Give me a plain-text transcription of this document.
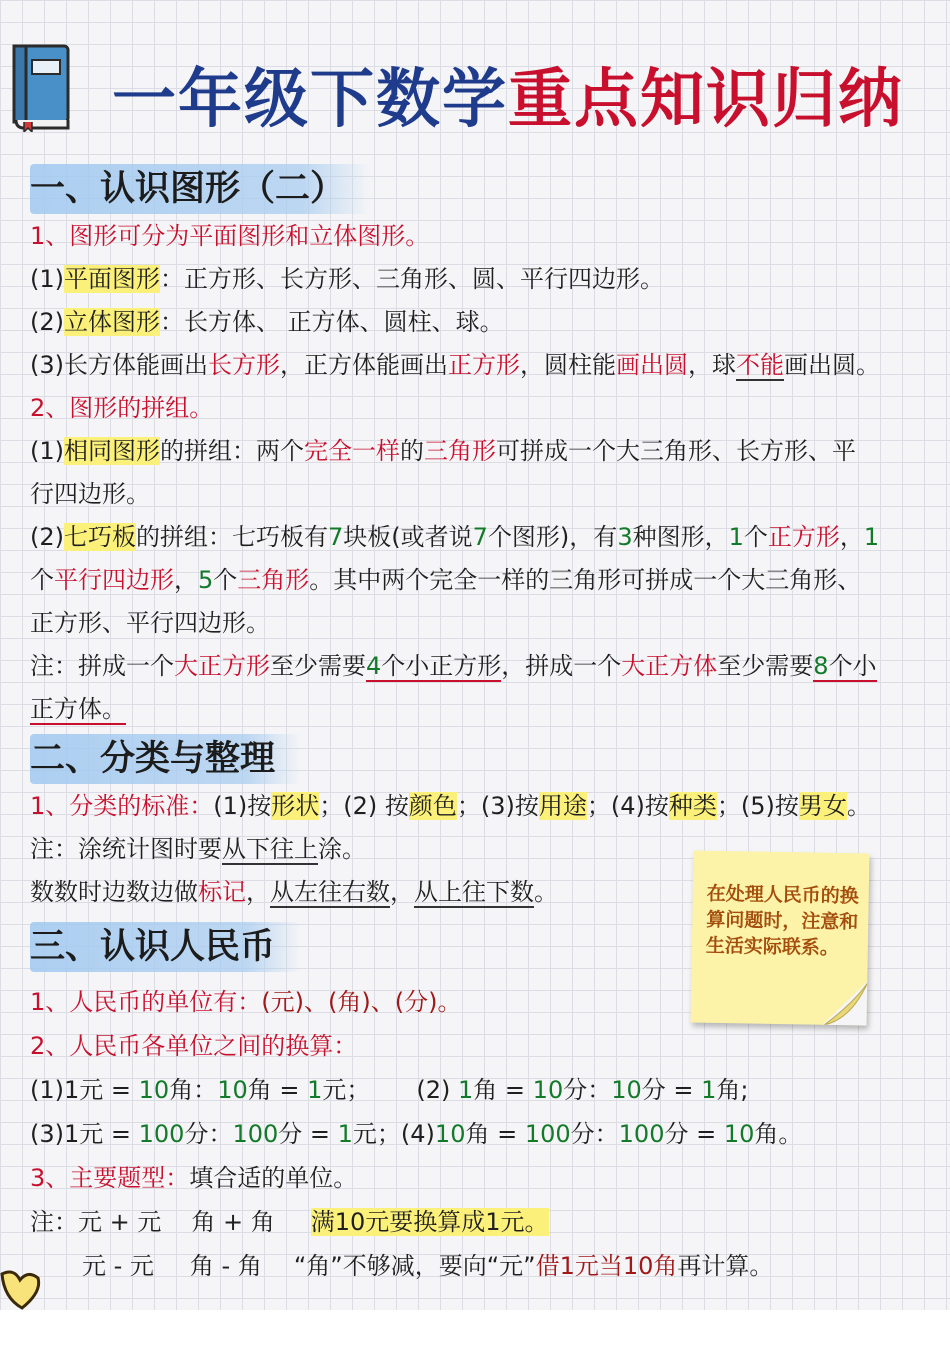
一年级下数学重点知识归纳
一、认识图形（二）
1、图形可分为平面图形和立体图形。
(1)平面图形：正方形、长方形、三角形、圆、平行四边形。
(2)立体图形：长方体、 正方体、圆柱、球。
(3)长方体能画出长方形，正方体能画出正方形，圆柱能画出圆，球不能画出圆。
2、图形的拼组。
(1)相同图形的拼组：两个完全一样的三角形可拼成一个大三角形、长方形、平
行四边形。
(2)七巧板的拼组：七巧板有7块板(或者说7个图形)，有3种图形，1个正方形，1
个平行四边形，5个三角形。其中两个完全一样的三角形可拼成一个大三角形、
正方形、平行四边形。
注：拼成一个大正方形至少需要4个小正方形，拼成一个大正方体至少需要8个小
正方体。
二、分类与整理
1、分类的标准：(1)按形状；(2) 按颜色；(3)按用途；(4)按种类；(5)按男女。
注：涂统计图时要从下往上涂。
数数时边数边做标记，从左往右数，从上往下数。
三、认识人民币
1、人民币的单位有：(元)、(角)、(分)。
2、人民币各单位之间的换算：
(1)1元 = 10角：10角 = 1元； (2) 1角 = 10分：10分 = 1角;
(3)1元 = 100分：100分 = 1元；(4)10角 = 100分：100分 = 10角。
3、主要题型：填合适的单位。
注：元 + 元 角 + 角 满10元要换算成1元。
元 - 元 角 - 角 “角”不够减，要向“元”借1元当10角再计算。
在处理人民币的换算问题时，注意和生活实际联系。
